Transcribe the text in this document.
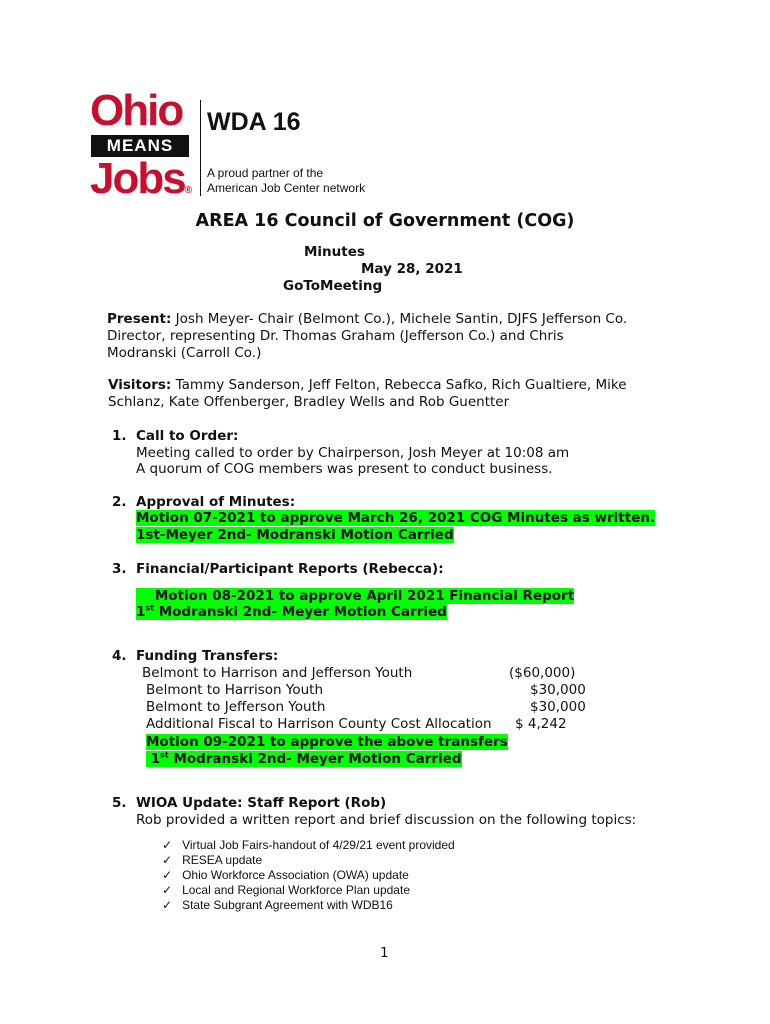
Ohio
MEANS
Jobs®
WDA 16
A proud partner of the
American Job Center network
AREA 16 Council of Government (COG)
Minutes
May 28, 2021
GoToMeeting
Present: Josh Meyer- Chair (Belmont Co.), Michele Santin, DJFS Jefferson Co.
Director, representing Dr. Thomas Graham (Jefferson Co.) and Chris
Modranski (Carroll Co.)
Visitors: Tammy Sanderson, Jeff Felton, Rebecca Safko, Rich Gualtiere, Mike
Schlanz, Kate Offenberger, Bradley Wells and Rob Guentter
1. Call to Order:
Meeting called to order by Chairperson, Josh Meyer at 10:08 am
A quorum of COG members was present to conduct business.
2. Approval of Minutes:
Motion 07-2021 to approve March 26, 2021 COG Minutes as written.
1st-Meyer 2nd- Modranski Motion Carried
3. Financial/Participant Reports (Rebecca):
Motion 08-2021 to approve April 2021 Financial Report
1st Modranski 2nd- Meyer Motion Carried
4. Funding Transfers:
Belmont to Harrison and Jefferson Youth	($60,000)
Belmont to Harrison Youth	$30,000
Belmont to Jefferson Youth	$30,000
Additional Fiscal to Harrison County Cost Allocation $ 4,242
Motion 09-2021 to approve the above transfers
1st Modranski 2nd- Meyer Motion Carried
5. WIOA Update: Staff Report (Rob)
Rob provided a written report and brief discussion on the following topics:
✓ Virtual Job Fairs-handout of 4/29/21 event provided
✓ RESEA update
✓ Ohio Workforce Association (OWA) update
✓ Local and Regional Workforce Plan update
✓ State Subgrant Agreement with WDB16
1
